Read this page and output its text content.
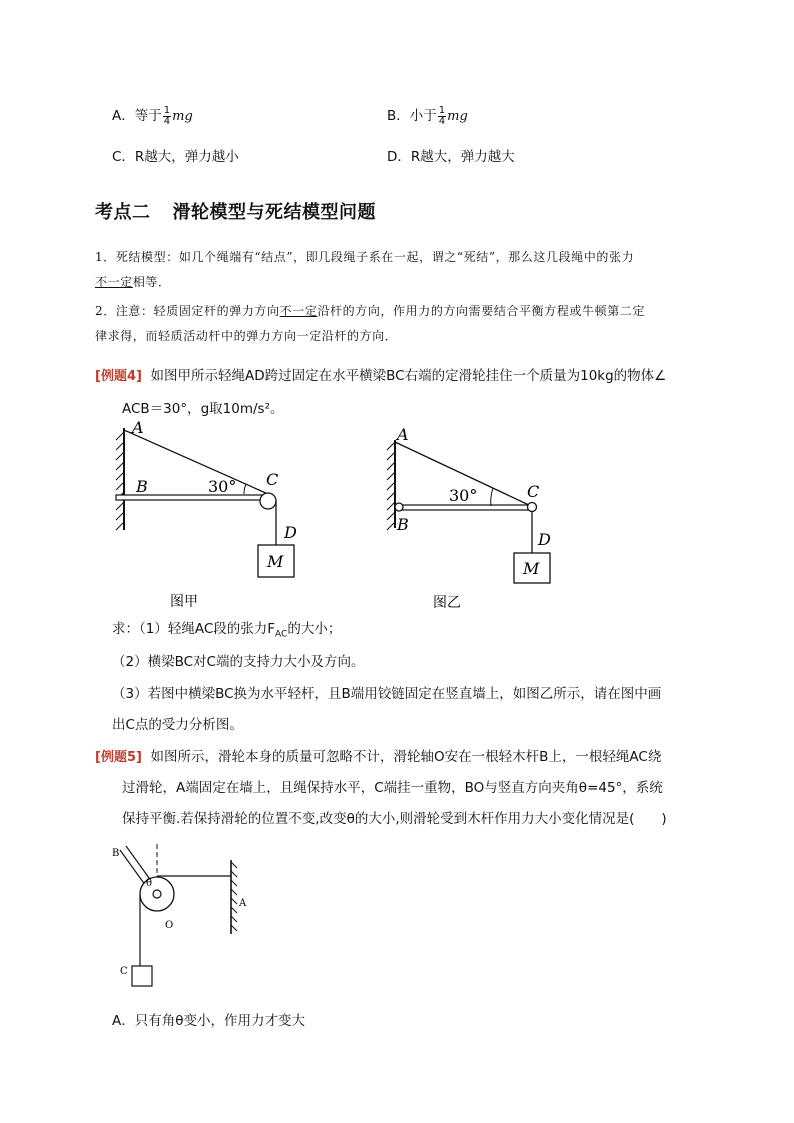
A．等于 $\frac{1}{4}$ mg	B．小于 $\frac{1}{4}$ mg
C．R越大，弹力越小	D．R越大，弹力越大
考点二 滑轮模型与死结模型问题
1．死结模型：如几个绳端有“结点”，即几段绳子系在一起，谓之“死结”，那么这几段绳中的张力
不一定相等．
2．注意：轻质固定杆的弹力方向不一定沿杆的方向，作用力的方向需要结合平衡方程或牛顿第二定
律求得，而轻质活动杆中的弹力方向一定沿杆的方向．
[例题4] 如图甲所示轻绳AD跨过固定在水平横梁BC右端的定滑轮挂住一个质量为10kg的物体∠
ACB＝30°，g取10m/s²。
A
B	C
D
M
30°
图甲
A
B
C
D
M
30°
图乙
求：（1）轻绳AC段的张力$F_{AC}$的大小；
（2）横梁BC对C端的支持力大小及方向。
（3）若图中横梁BC换为水平轻杆，且B端用铰链固定在竖直墙上，如图乙所示，请在图中画
出C点的受力分析图。
[例题5] 如图所示，滑轮本身的质量可忽略不计，滑轮轴O安在一根轻木杆B上，一根轻绳AC绕
过滑轮，A端固定在墙上，且绳保持水平，C端挂一重物，BO与竖直方向夹角θ=45°，系统
保持平衡.若保持滑轮的位置不变,改变θ的大小,则滑轮受到木杆作用力大小变化情况是(　　)
B
θ
O
A
C
A．只有角θ变小，作用力才变大
